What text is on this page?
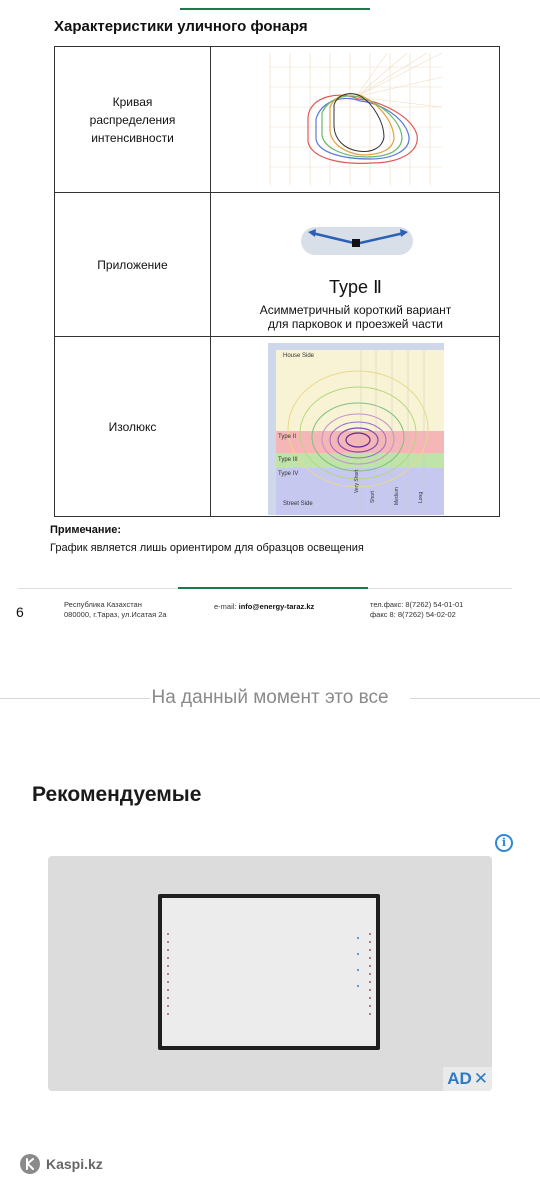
Характеристики уличного фонаря
Кривая распределения интенсивности
Приложение
Type Ⅱ
Асимметричный короткий вариант
для парковок и проезжей части
Изолюкс
House Side
Type II
Type III
Type IV
Street Side
Very Short
Short	Medium	Long
Примечание:
График является лишь ориентиром для образцов освещения
6	Республика Казахстан
080000, г.Тараз, ул.Исатая 2а
e-mail: info@energy-taraz.kz	тел.факс: 8(7262) 54-01-01
факс 8: 8(7262) 54-02-02
На данный момент это все
Рекомендуемые
i
AD ✕
Kaspi.kz
